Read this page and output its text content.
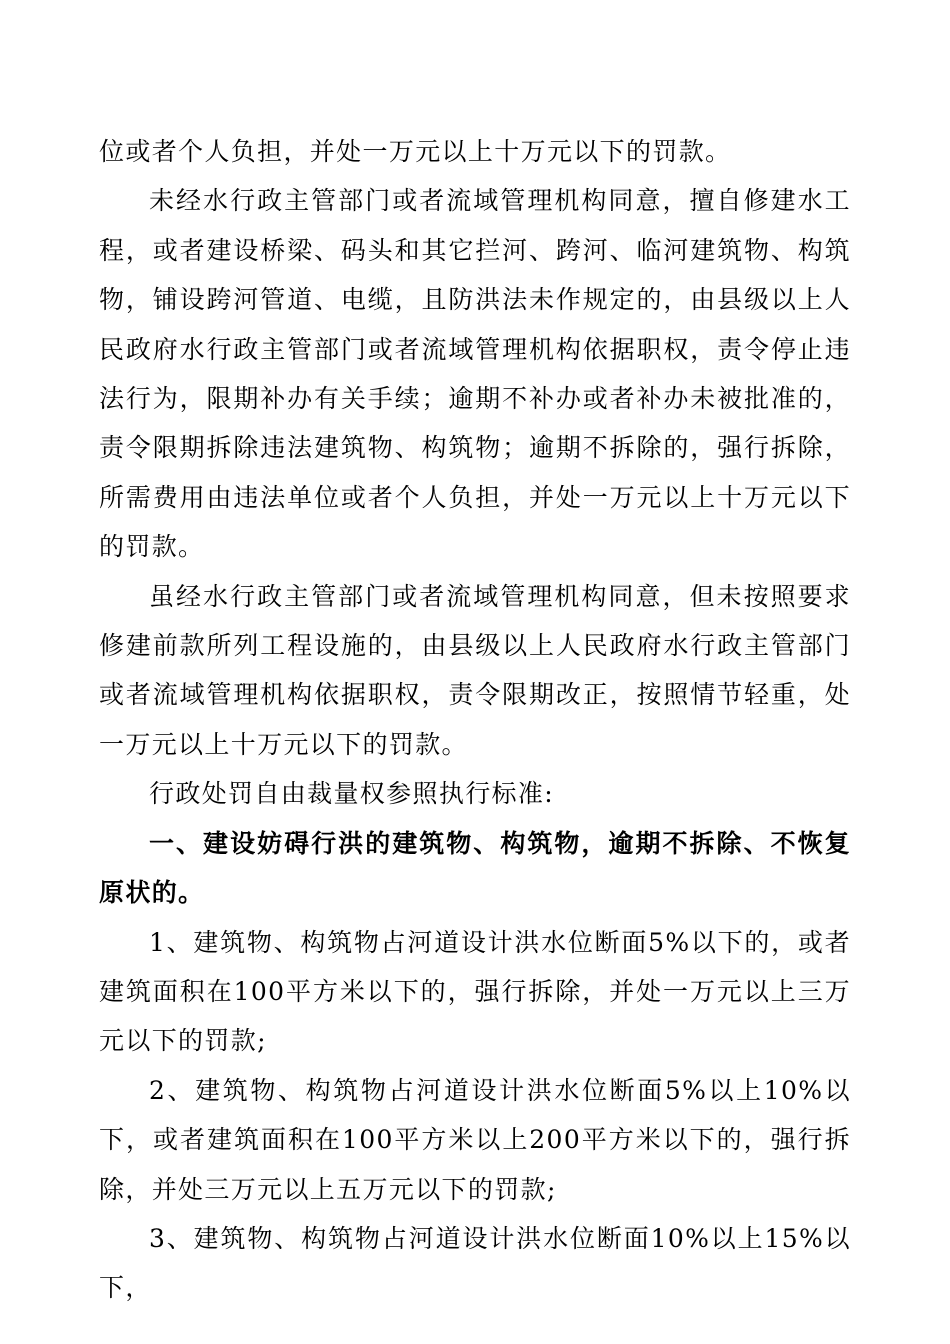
位或者个人负担，并处一万元以上十万元以下的罚款。

未经水行政主管部门或者流域管理机构同意，擅自修建水工程，或者建设桥梁、码头和其它拦河、跨河、临河建筑物、构筑物，铺设跨河管道、电缆，且防洪法未作规定的，由县级以上人民政府水行政主管部门或者流域管理机构依据职权，责令停止违法行为，限期补办有关手续；逾期不补办或者补办未被批准的，责令限期拆除违法建筑物、构筑物；逾期不拆除的，强行拆除，所需费用由违法单位或者个人负担，并处一万元以上十万元以下的罚款。

虽经水行政主管部门或者流域管理机构同意，但未按照要求修建前款所列工程设施的，由县级以上人民政府水行政主管部门或者流域管理机构依据职权，责令限期改正，按照情节轻重，处一万元以上十万元以下的罚款。

行政处罚自由裁量权参照执行标准:

一、建设妨碍行洪的建筑物、构筑物，逾期不拆除、不恢复原状的。

1、建筑物、构筑物占河道设计洪水位断面5%以下的，或者建筑面积在100平方米以下的，强行拆除，并处一万元以上三万元以下的罚款;

2、建筑物、构筑物占河道设计洪水位断面5%以上10%以下，或者建筑面积在100平方米以上200平方米以下的，强行拆除，并处三万元以上五万元以下的罚款;

3、建筑物、构筑物占河道设计洪水位断面10%以上15%以下，
